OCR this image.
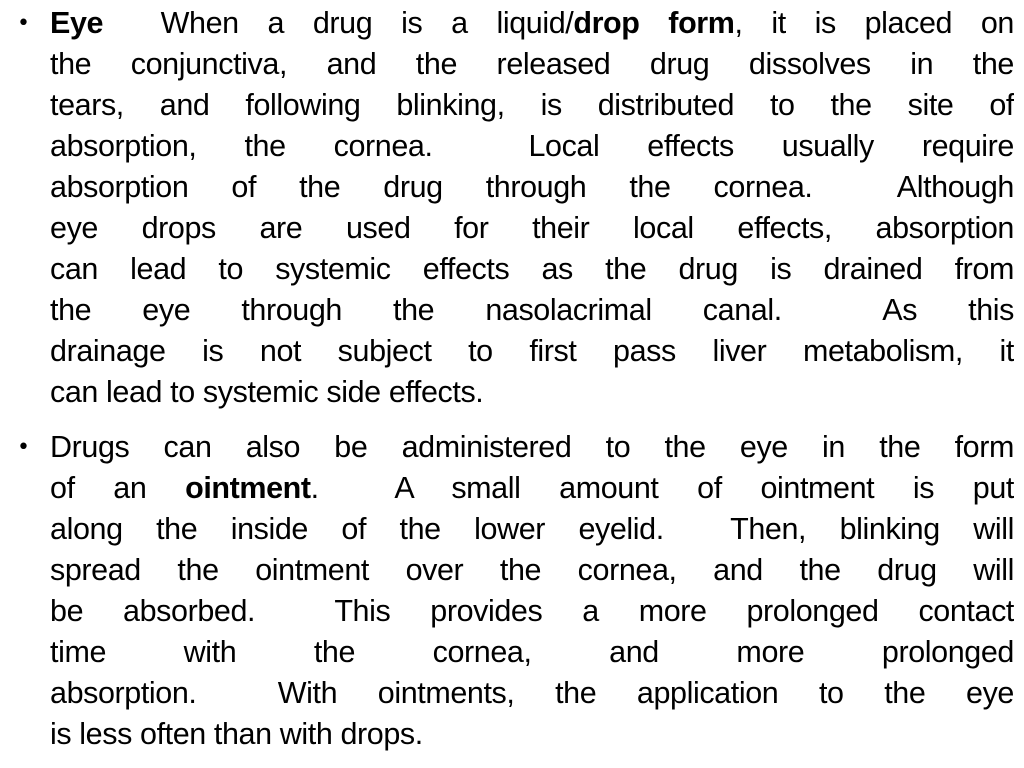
• Eye  When a drug is a liquid/drop form, it is placed on
the conjunctiva, and the released drug dissolves in the
tears, and following blinking, is distributed to the site of
absorption, the cornea.  Local effects usually require
absorption of the drug through the cornea.  Although
eye drops are used for their local effects, absorption
can lead to systemic effects as the drug is drained from
the eye through the nasolacrimal canal.  As this
drainage is not subject to first pass liver metabolism, it
can lead to systemic side effects.
• Drugs can also be administered to the eye in the form
of an ointment.  A small amount of ointment is put
along the inside of the lower eyelid.  Then, blinking will
spread the ointment over the cornea, and the drug will
be absorbed.  This provides a more prolonged contact
time with the cornea, and more prolonged
absorption.  With ointments, the application to the eye
is less often than with drops.
